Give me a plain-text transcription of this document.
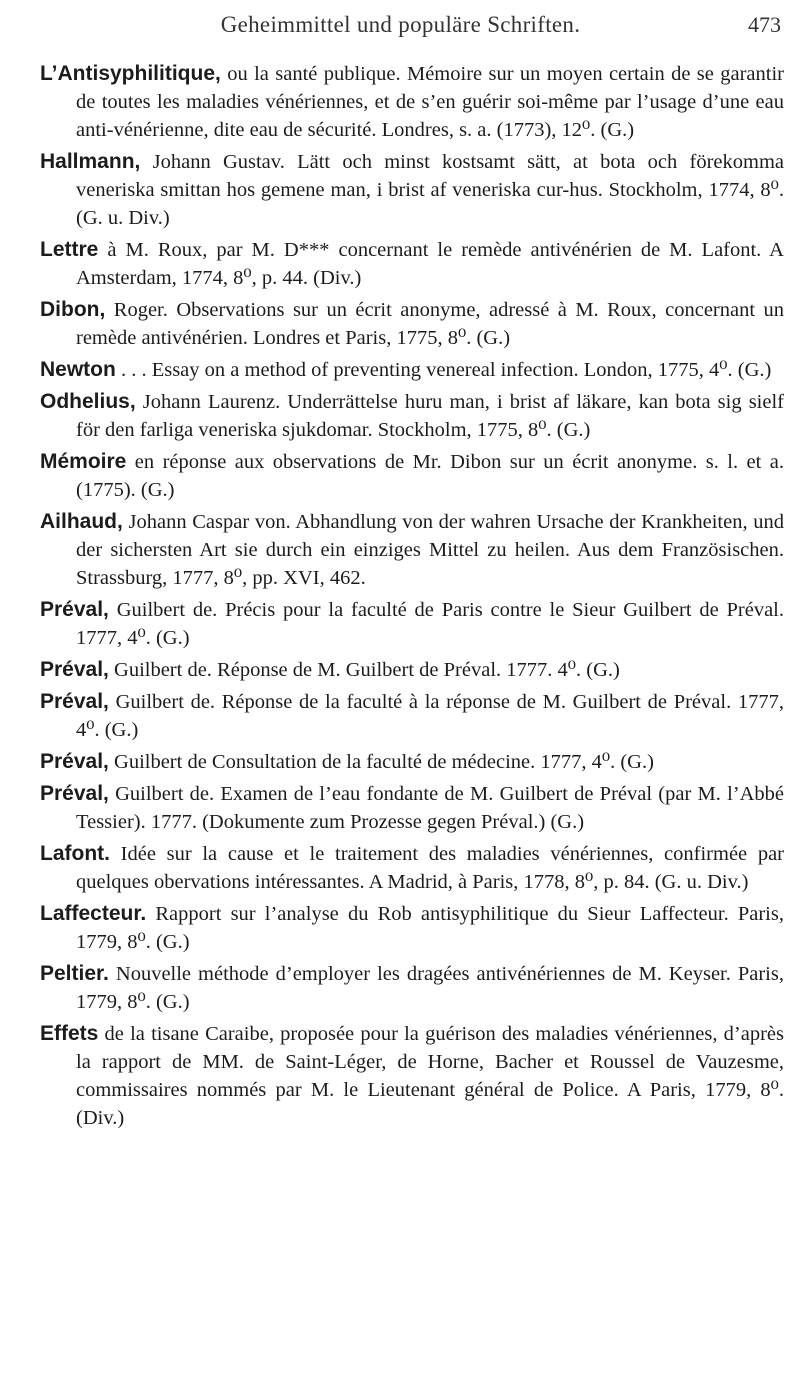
Geheimmittel und populäre Schriften.	473

L’Antisyphilitique, ou la santé publique. Mémoire sur un moyen certain de se garantir de toutes les maladies vénériennes, et de s’en guérir soi-même par l’usage d’une eau anti-vénérienne, dite eau de sécurité. Londres, s. a. (1773), 12⁰. (G.)

Hallmann, Johann Gustav. Lätt och minst kostsamt sätt, at bota och förekomma veneriska smittan hos gemene man, i brist af veneriska cur-hus. Stockholm, 1774, 8⁰. (G. u. Div.)

Lettre à M. Roux, par M. D*** concernant le remède antivénérien de M. Lafont. A Amsterdam, 1774, 8⁰, p. 44. (Div.)

Dibon, Roger. Observations sur un écrit anonyme, adressé à M. Roux, concernant un remède antivénérien. Londres et Paris, 1775, 8⁰. (G.)

Newton . . . Essay on a method of preventing venereal infection. London, 1775, 4⁰. (G.)

Odhelius, Johann Laurenz. Underrättelse huru man, i brist af läkare, kan bota sig sielf för den farliga veneriska sjukdomar. Stockholm, 1775, 8⁰. (G.)

Mémoire en réponse aux observations de Mr. Dibon sur un écrit anonyme. s. l. et a. (1775). (G.)

Ailhaud, Johann Caspar von. Abhandlung von der wahren Ursache der Krankheiten, und der sichersten Art sie durch ein einziges Mittel zu heilen. Aus dem Französischen. Strassburg, 1777, 8⁰, pp. XVI, 462.

Préval, Guilbert de. Précis pour la faculté de Paris contre le Sieur Guilbert de Préval. 1777, 4⁰. (G.)

Préval, Guilbert de. Réponse de M. Guilbert de Préval. 1777. 4⁰. (G.)

Préval, Guilbert de. Réponse de la faculté à la réponse de M. Guilbert de Préval. 1777, 4⁰. (G.)

Préval, Guilbert de Consultation de la faculté de médecine. 1777, 4⁰. (G.)

Préval, Guilbert de. Examen de l’eau fondante de M. Guilbert de Préval (par M. l’Abbé Tessier). 1777. (Dokumente zum Prozesse gegen Préval.) (G.)

Lafont. Idée sur la cause et le traitement des maladies vénériennes, confirmée par quelques obervations intéressantes. A Madrid, à Paris, 1778, 8⁰, p. 84. (G. u. Div.)

Laffecteur. Rapport sur l’analyse du Rob antisyphilitique du Sieur Laffecteur. Paris, 1779, 8⁰. (G.)

Peltier. Nouvelle méthode d’employer les dragées antivénériennes de M. Keyser. Paris, 1779, 8⁰. (G.)

Effets de la tisane Caraibe, proposée pour la guérison des maladies vénériennes, d’après la rapport de MM. de Saint-Léger, de Horne, Bacher et Roussel de Vauzesme, commissaires nommés par M. le Lieutenant général de Police. A Paris, 1779, 8⁰. (Div.)
